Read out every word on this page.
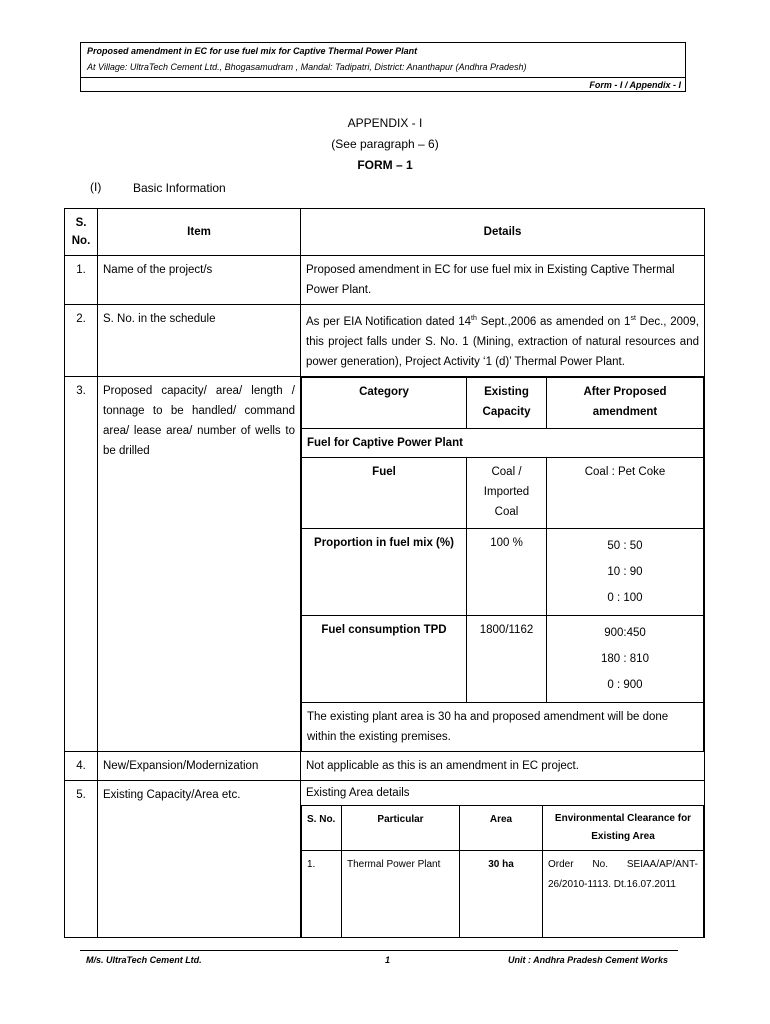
Proposed amendment in EC for use fuel mix for Captive Thermal Power Plant
At Village: UltraTech Cement Ltd., Bhogasamudram , Mandal: Tadipatri, District: Ananthapur (Andhra Pradesh)
Form - I / Appendix - I
APPENDIX - I
(See paragraph – 6)
FORM – 1
(I)	Basic Information
S. No.	Item	Details
1.	Name of the project/s	Proposed amendment in EC for use fuel mix in Existing Captive Thermal Power Plant.
2.	S. No. in the schedule	As per EIA Notification dated 14th Sept.,2006 as amended on 1st Dec., 2009, this project falls under S. No. 1 (Mining, extraction of natural resources and power generation), Project Activity ‘1 (d)’ Thermal Power Plant.
3.	Proposed capacity/ area/ length / tonnage to be handled/ command area/ lease area/ number of wells to be drilled	
Category	Existing Capacity	After Proposed amendment
Fuel for Captive Power Plant
Fuel	Coal / Imported Coal	Coal : Pet Coke
Proportion in fuel mix (%)	100 %	50 : 50
10 : 90
0 : 100

Fuel consumption TPD	1800/1162	900:450
180 : 810
0 : 900

The existing plant area is 30 ha and proposed amendment will be done within the existing premises.

4.	New/Expansion/Modernization	Not applicable as this is an amendment in EC project.
5.	Existing Capacity/Area etc.	Existing Area details
S. No.	Particular	Area	Environmental Clearance for Existing Area
1.	Thermal Power Plant	30 ha	Order No. SEIAA/AP/ANT-26/2010-1113. Dt.16.07.2011
M/s. UltraTech Cement Ltd.	1	Unit : Andhra Pradesh Cement Works
